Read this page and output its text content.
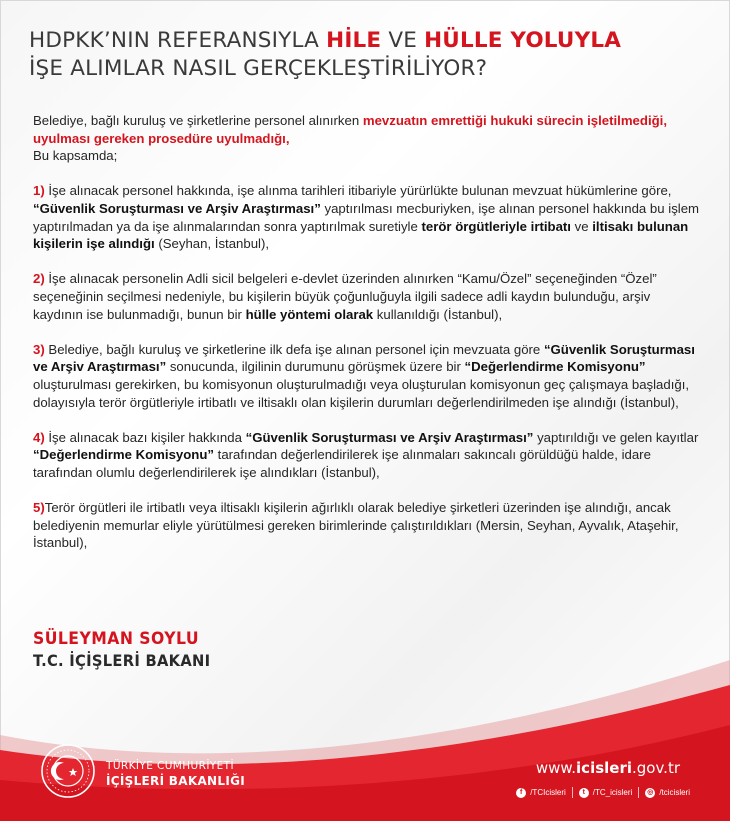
HDPKK’NIN REFERANSIYLA HİLE VE HÜLLE YOLUYLA
İŞE ALIMLAR NASIL GERÇEKLEŞTİRİLİYOR?

Belediye, bağlı kuruluş ve şirketlerine personel alınırken mevzuatın emrettiği hukuki sürecin işletilmediği, uyulması gereken prosedüre uyulmadığı,
Bu kapsamda;

1) İşe alınacak personel hakkında, işe alınma tarihleri itibariyle yürürlükte bulunan mevzuat hükümlerine göre, “Güvenlik Soruşturması ve Arşiv Araştırması” yaptırılması mecburiyken, işe alınan personel hakkında bu işlem yaptırılmadan ya da işe alınmalarından sonra yaptırılmak suretiyle terör örgütleriyle irtibatı ve iltisakı bulunan kişilerin işe alındığı (Seyhan, İstanbul),

2) İşe alınacak personelin Adli sicil belgeleri e-devlet üzerinden alınırken “Kamu/Özel” seçeneğinden “Özel” seçeneğinin seçilmesi nedeniyle, bu kişilerin büyük çoğunluğuyla ilgili sadece adli kaydın bulunduğu, arşiv kaydının ise bulunmadığı, bunun bir hülle yöntemi olarak kullanıldığı (İstanbul),

3) Belediye, bağlı kuruluş ve şirketlerine ilk defa işe alınan personel için mevzuata göre “Güvenlik Soruşturması ve Arşiv Araştırması” sonucunda, ilgilinin durumunu görüşmek üzere bir “Değerlendirme Komisyonu” oluşturulması gerekirken, bu komisyonun oluşturulmadığı veya oluşturulan komisyonun geç çalışmaya başladığı, dolayısıyla terör örgütleriyle irtibatlı ve iltisaklı olan kişilerin durumları değerlendirilmeden işe alındığı (İstanbul),

4) İşe alınacak bazı kişiler hakkında “Güvenlik Soruşturması ve Arşiv Araştırması” yaptırıldığı ve gelen kayıtlar “Değerlendirme Komisyonu” tarafından değerlendirilerek işe alınmaları sakıncalı görüldüğü halde, idare tarafından olumlu değerlendirilerek işe alındıkları (İstanbul),

5)Terör örgütleri ile irtibatlı veya iltisaklı kişilerin ağırlıklı olarak belediye şirketleri üzerinden işe alındığı, ancak belediyenin memurlar eliyle yürütülmesi gereken birimlerinde çalıştırıldıkları (Mersin, Seyhan, Ayvalık, Ataşehir, İstanbul),

SÜLEYMAN SOYLU
T.C. İÇİŞLERİ BAKANI
TÜRKİYE CUMHURİYETİ
İÇİŞLERİ BAKANLIĞI
www.icisleri.gov.tr
f /TCIcisleri	t /TC_icisleri ◎ /tcicisleri
